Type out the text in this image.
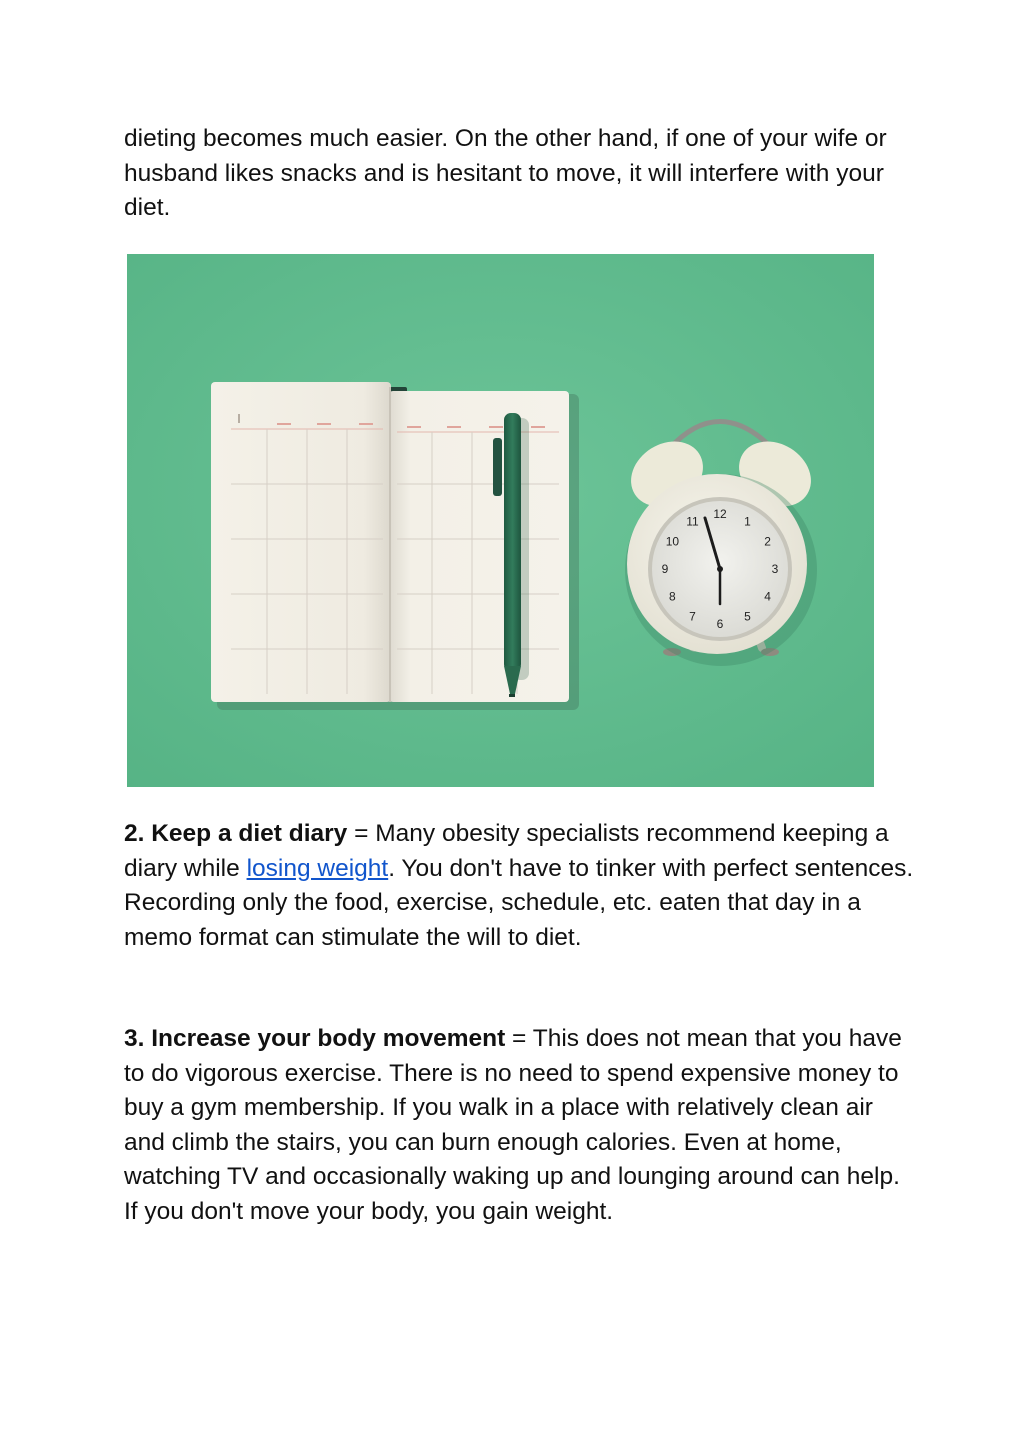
dieting becomes much easier. On the other hand, if one of your wife or husband likes snacks and is hesitant to move, it will interfere with your diet.

12
1
2
3
4
5
6
7
8
9
10
11

2. Keep a diet diary = Many obesity specialists recommend keeping a diary while losing weight. You don't have to tinker with perfect sentences. Recording only the food, exercise, schedule, etc. eaten that day in a memo format can stimulate the will to diet.

3. Increase your body movement = This does not mean that you have to do vigorous exercise. There is no need to spend expensive money to buy a gym membership. If you walk in a place with relatively clean air and climb the stairs, you can burn enough calories. Even at home, watching TV and occasionally waking up and lounging around can help. If you don't move your body, you gain weight.
